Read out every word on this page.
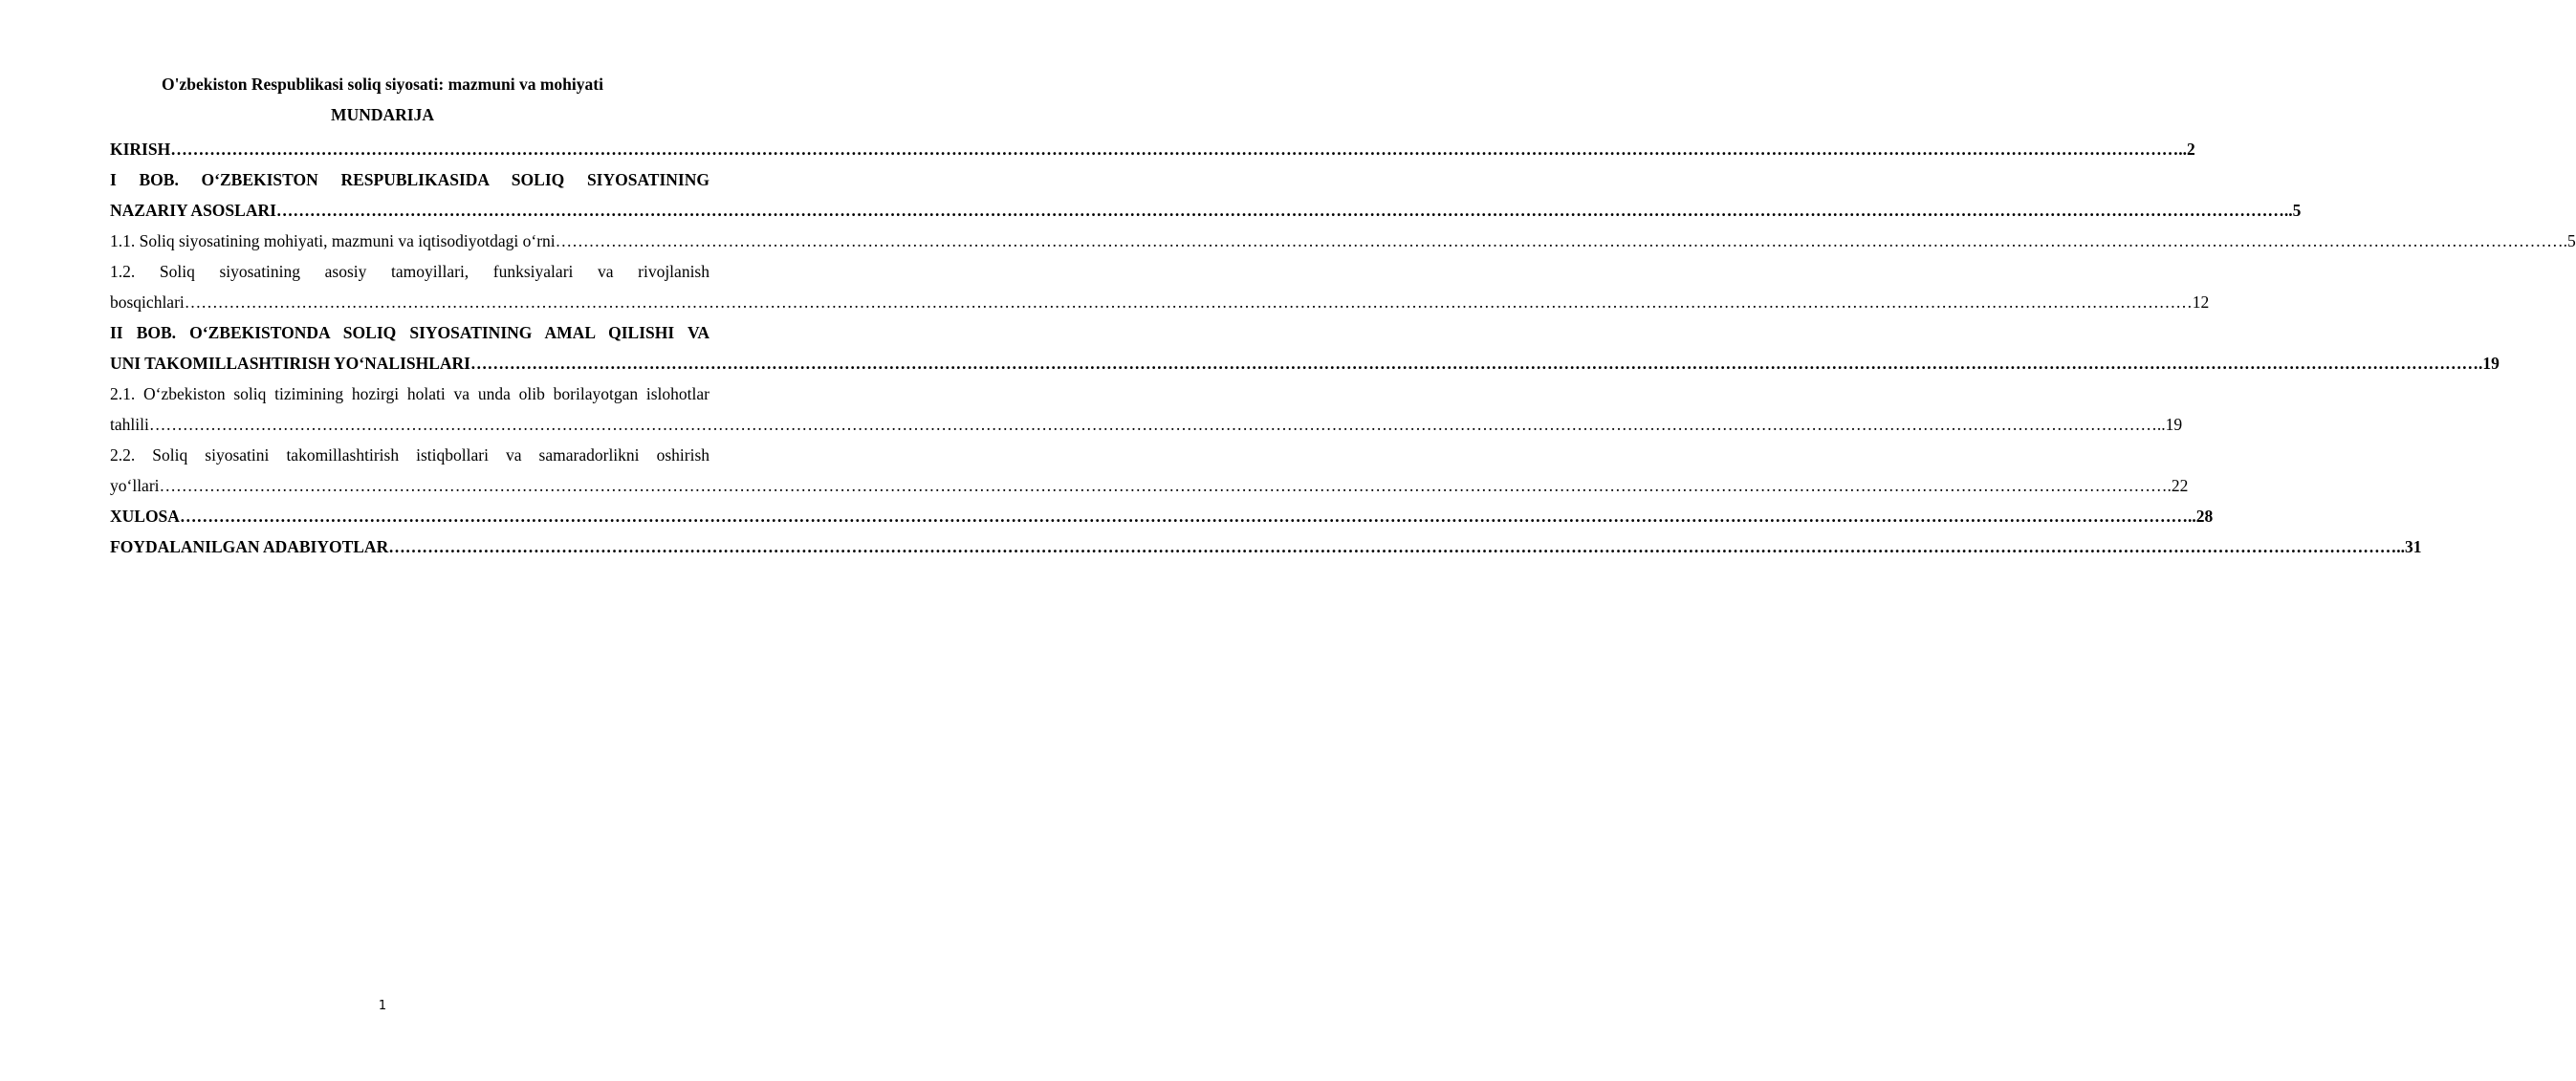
O'zbekiston Respublikasi soliq siyosati: mazmuni va mohiyati
MUNDARIJA
KIRISH ……………………………………………………………………………………………………………………………………………………………………………………………………………………………………………………………………………………………………………………………… ..2
I BOB. O‘ZBEKISTON RESPUBLIKASIDA SOLIQ SIYOSATINING
NAZARIY ASOSLARI ……………………………………………………………………………………………………………………………………………………………………………………………………………………………………………………………………………………………………………………………… ..5
1.1. Soliq siyosatining mohiyati, mazmuni va iqtisodiyotdagi o‘rni ……………………………………………………………………………………………………………………………………………………………………………………………………………………………………………………………………………………………………………………………… .5
1.2. Soliq siyosatining asosiy tamoyillari, funksiyalari va rivojlanish
bosqichlari ……………………………………………………………………………………………………………………………………………………………………………………………………………………………………………………………………………………………………………………………… 12
II BOB. O‘ZBEKISTONDA SOLIQ SIYOSATINING AMAL QILISHI VA
UNI TAKOMILLASHTIRISH YO‘NALISHLARI ……………………………………………………………………………………………………………………………………………………………………………………………………………………………………………………………………………………………………………………………… .19
2.1. O‘zbekiston soliq tizimining hozirgi holati va unda olib borilayotgan islohotlar
tahlili ……………………………………………………………………………………………………………………………………………………………………………………………………………………………………………………………………………………………………………………………… ..19
2.2. Soliq siyosatini takomillashtirish istiqbollari va samaradorlikni oshirish
yo‘llari ……………………………………………………………………………………………………………………………………………………………………………………………………………………………………………………………………………………………………………………………… .22
XULOSA ……………………………………………………………………………………………………………………………………………………………………………………………………………………………………………………………………………………………………………………………… ..28
FOYDALANILGAN ADABIYOTLAR ……………………………………………………………………………………………………………………………………………………………………………………………………………………………………………………………………………………………………………………………… ..31
1
